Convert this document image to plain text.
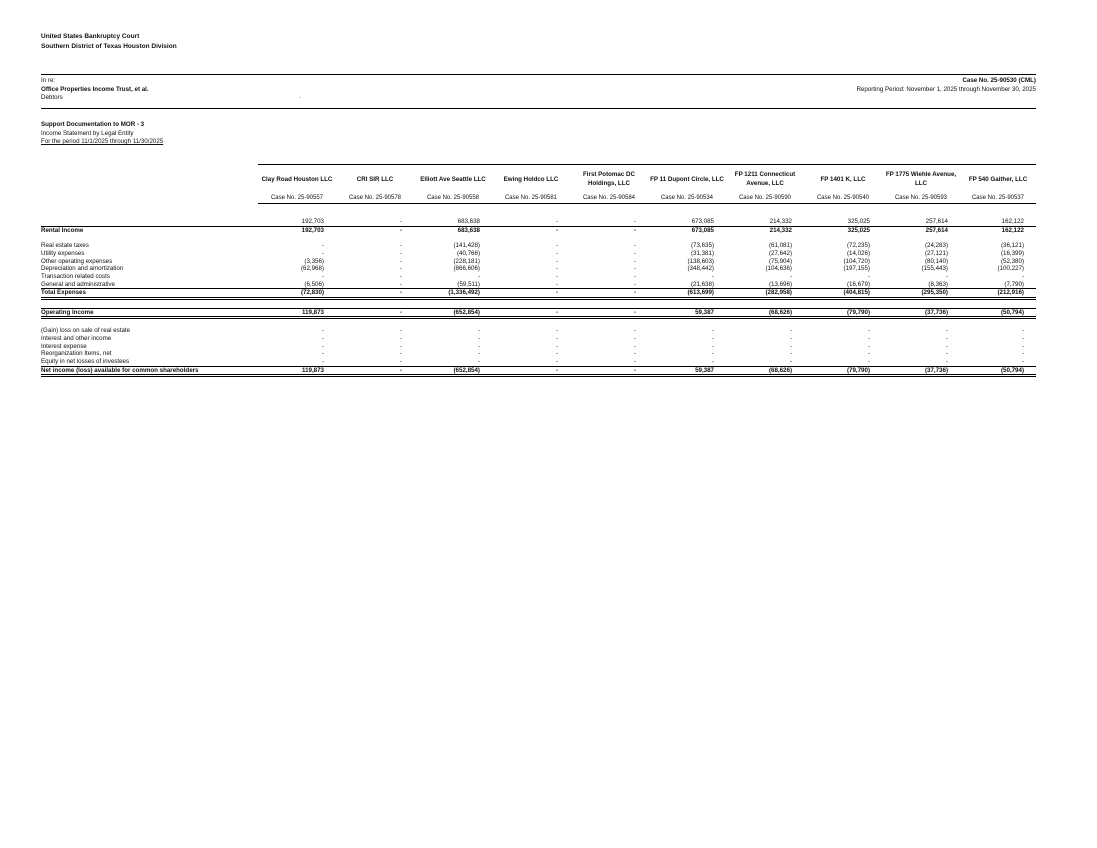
United States Bankruptcy Court
Southern District of Texas Houston Division
In re:
Office Properties Income Trust, et al.
Debtors	.
Case No. 25-90530 (CML)
Reporting Period: November 1, 2025 through November 30, 2025
Support Documentation to MOR - 3
Income Statement by Legal Entity
For the period 11/1/2025 through 11/30/2025
	Clay Road Houston LLC	CRI SIR LLC	Elliott Ave Seattle LLC	Ewing Holdco LLC	First Potomac DC Holdings, LLC	FP 11 Dupont Circle, LLC	FP 1211 Connecticut Avenue, LLC	FP 1401 K, LLC	FP 1775 Wiehle Avenue, LLC	FP 540 Gaither, LLC
	Case No. 25-90557	Case No. 25-90578	Case No. 25-90558	Case No. 25-90581	Case No. 25-90584	Case No. 25-90534	Case No. 25-90590	Case No. 25-90540	Case No. 25-90593	Case No. 25-90537

	192,703	-	683,638	-	-	673,085	214,332	325,025	257,614	162,122
Rental Income	192,703	-	683,638	-	-	673,085	214,332	325,025	257,614	162,122

Real estate taxes	-	-	(141,428)	-	-	(73,635)	(61,081)	(72,235)	(24,283)	(36,121)
Utility expenses	-	-	(40,766)	-	-	(31,381)	(27,642)	(14,026)	(27,121)	(16,399)
Other operating expenses	(3,356)	-	(228,181)	-	-	(138,603)	(75,904)	(104,720)	(80,140)	(52,380)
Depreciation and amortization	(62,968)	-	(866,606)	-	-	(348,442)	(104,636)	(197,155)	(155,443)	(100,227)
Transaction related costs	-	-	-	-	-	-	-	-	-	-
General and administrative	(6,506)	-	(59,511)	-	-	(21,638)	(13,696)	(16,679)	(8,363)	(7,790)
Total Expenses	(72,830)	-	(1,336,492)	-	-	(613,699)	(282,958)	(404,815)	(295,350)	(212,916)

Operating Income	119,873	-	(652,854)	-	-	59,387	(68,626)	(79,790)	(37,736)	(50,794)

(Gain) loss on sale of real estate	-	-	-	-	-	-	-	-	-	-
Interest and other income	-	-	-	-	-	-	-	-	-	-
Interest expense	-	-	-	-	-	-	-	-	-	-
Reorganization Items, net	-	-	-	-	-	-	-	-	-	-
Equity in net losses of investees	-	-	-	-	-	-	-	-	-	-
Net income (loss) available for common shareholders	119,873	-	(652,854)	-	-	59,387	(68,626)	(79,790)	(37,736)	(50,794)
